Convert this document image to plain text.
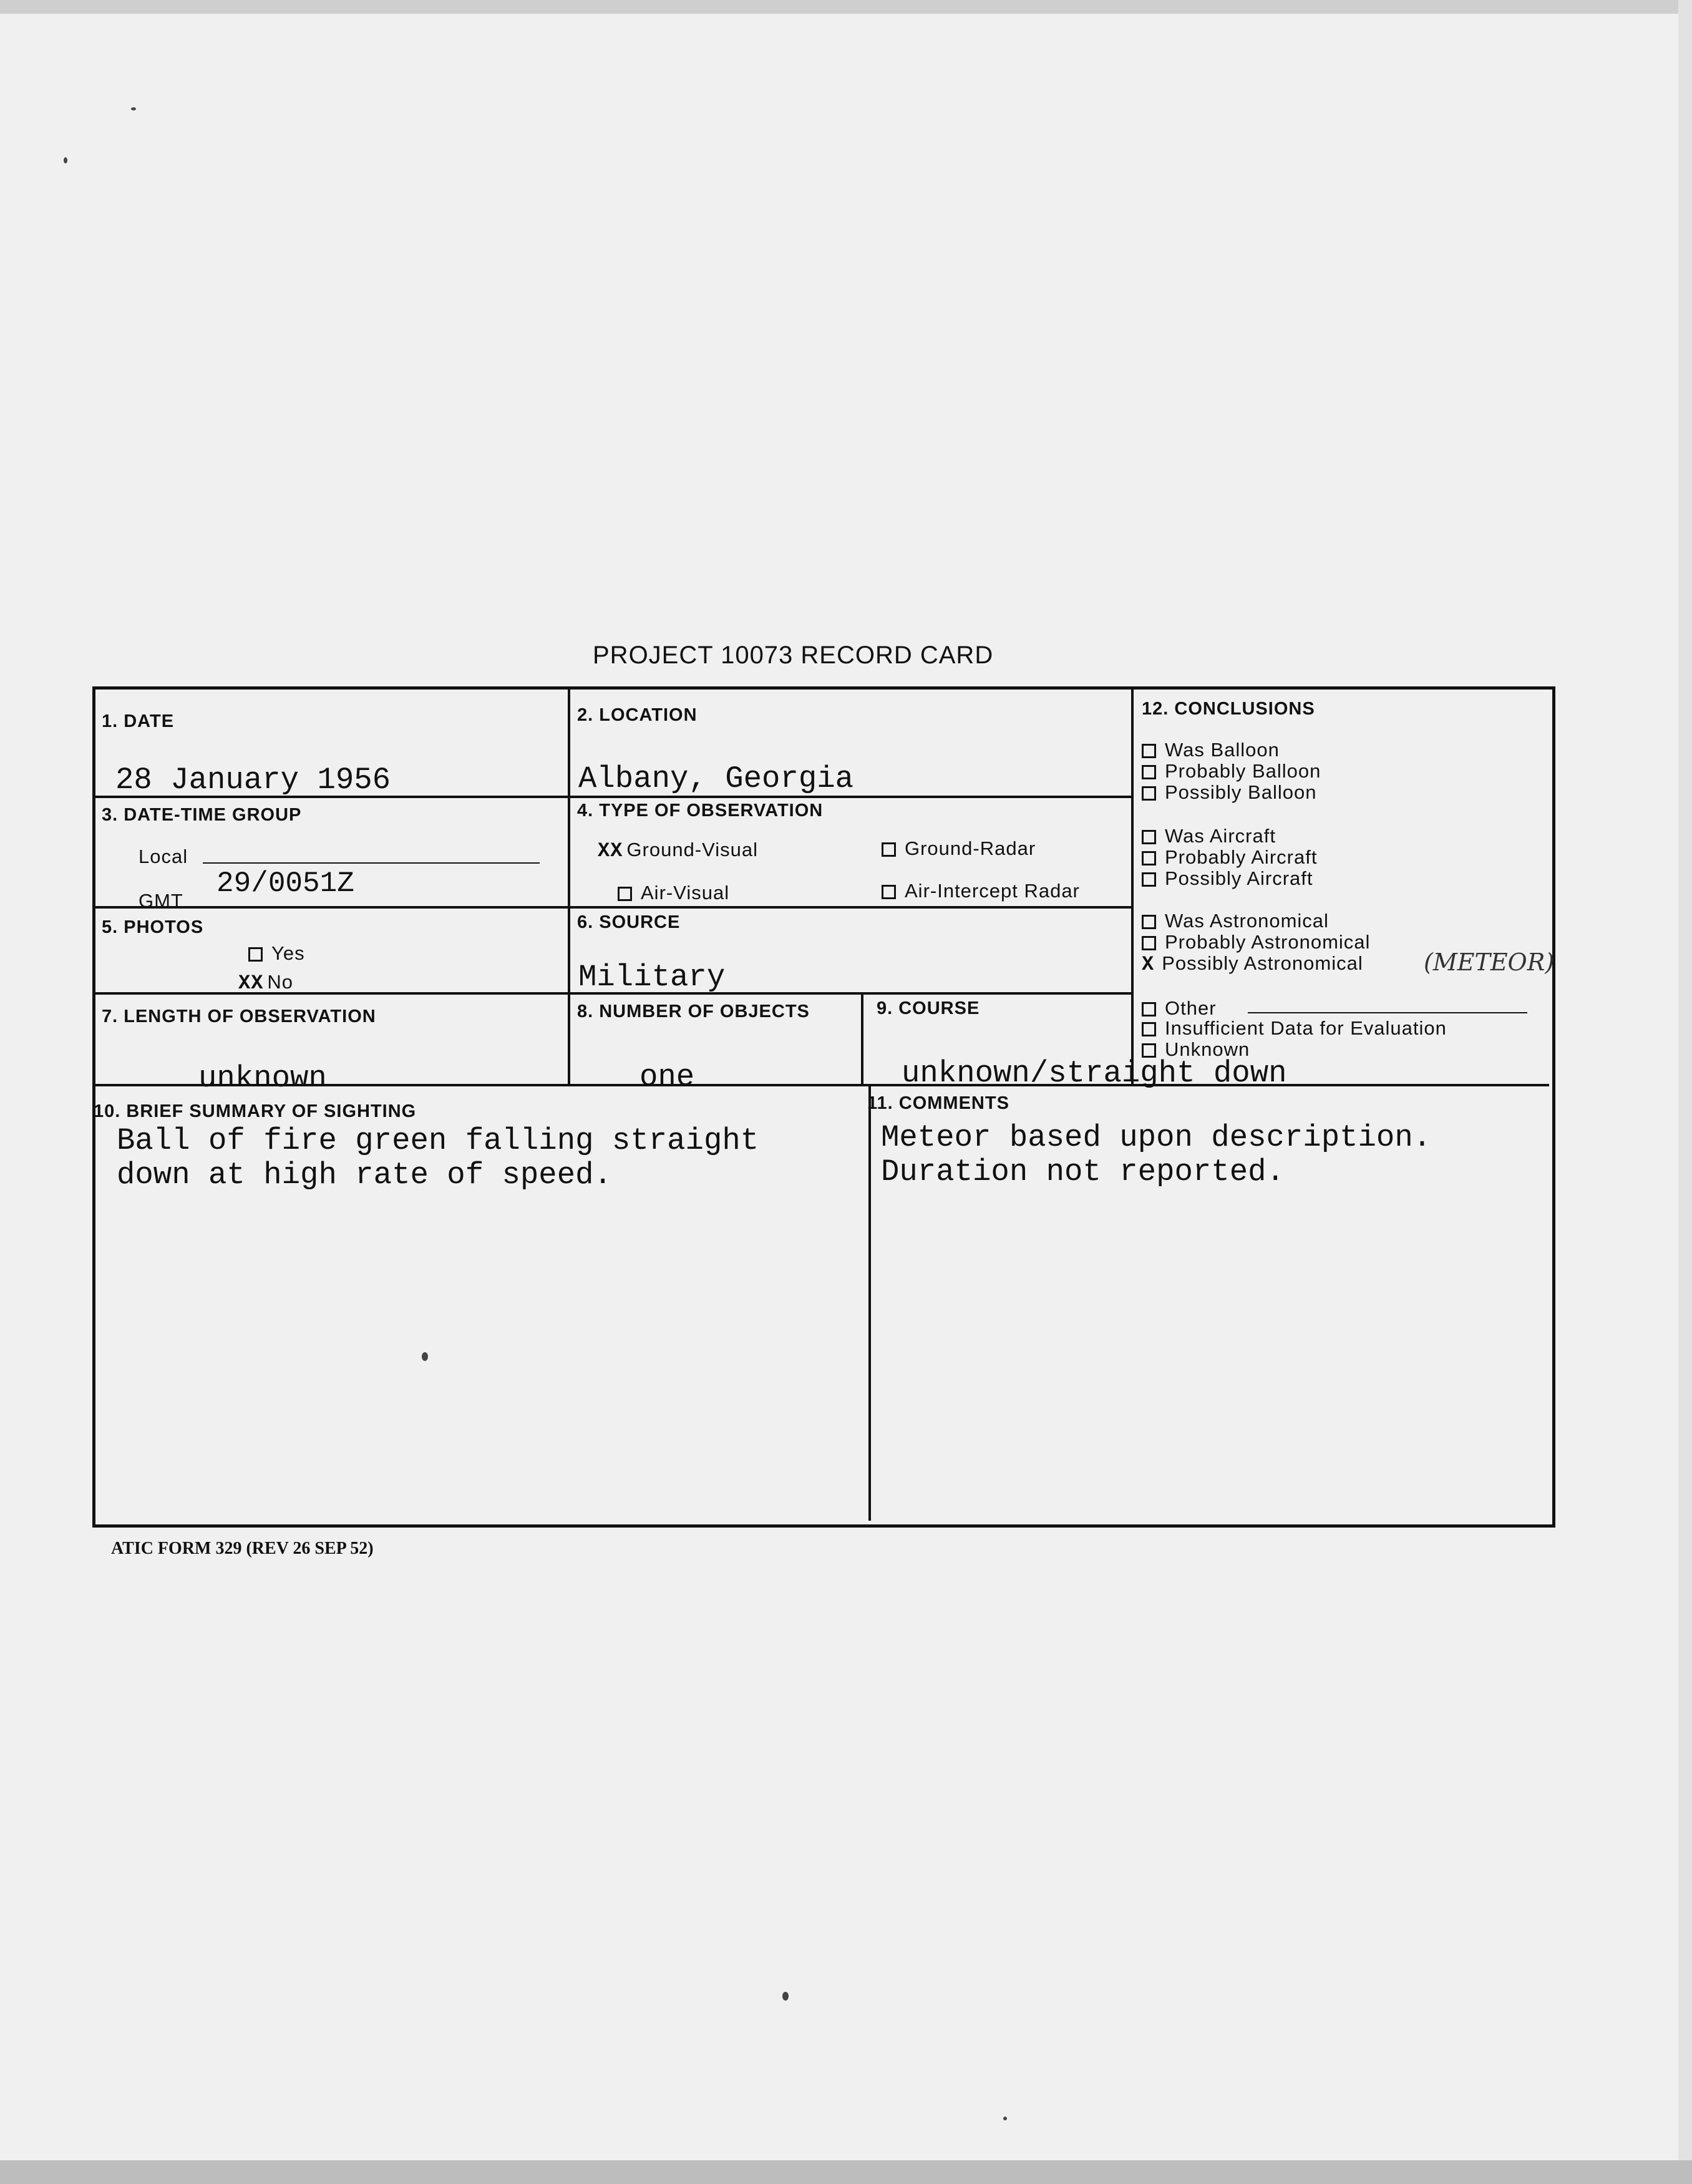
PROJECT 10073 RECORD CARD
1. DATE
28 January 1956
2. LOCATION
Albany, Georgia
3. DATE-TIME GROUP
Local
GMT
29/0051Z
4. TYPE OF OBSERVATION
XX Ground-Visual	Ground-Radar
Air-Visual	Air-Intercept Radar
5. PHOTOS
Yes
XX No
6. SOURCE
Military
7. LENGTH OF OBSERVATION
unknown
8. NUMBER OF OBJECTS
one
9. COURSE
unknown/straight down
10. BRIEF SUMMARY OF SIGHTING
Ball of fire green falling straight
down at high rate of speed.
11. COMMENTS
Meteor based upon description.
Duration not reported.
12. CONCLUSIONS
Was Balloon
Probably Balloon
Possibly Balloon
Was Aircraft
Probably Aircraft
Possibly Aircraft
Was Astronomical
Probably Astronomical
X Possibly Astronomical	(METEOR)
Other
Insufficient Data for Evaluation
Unknown
ATIC FORM 329 (REV 26 SEP 52)
